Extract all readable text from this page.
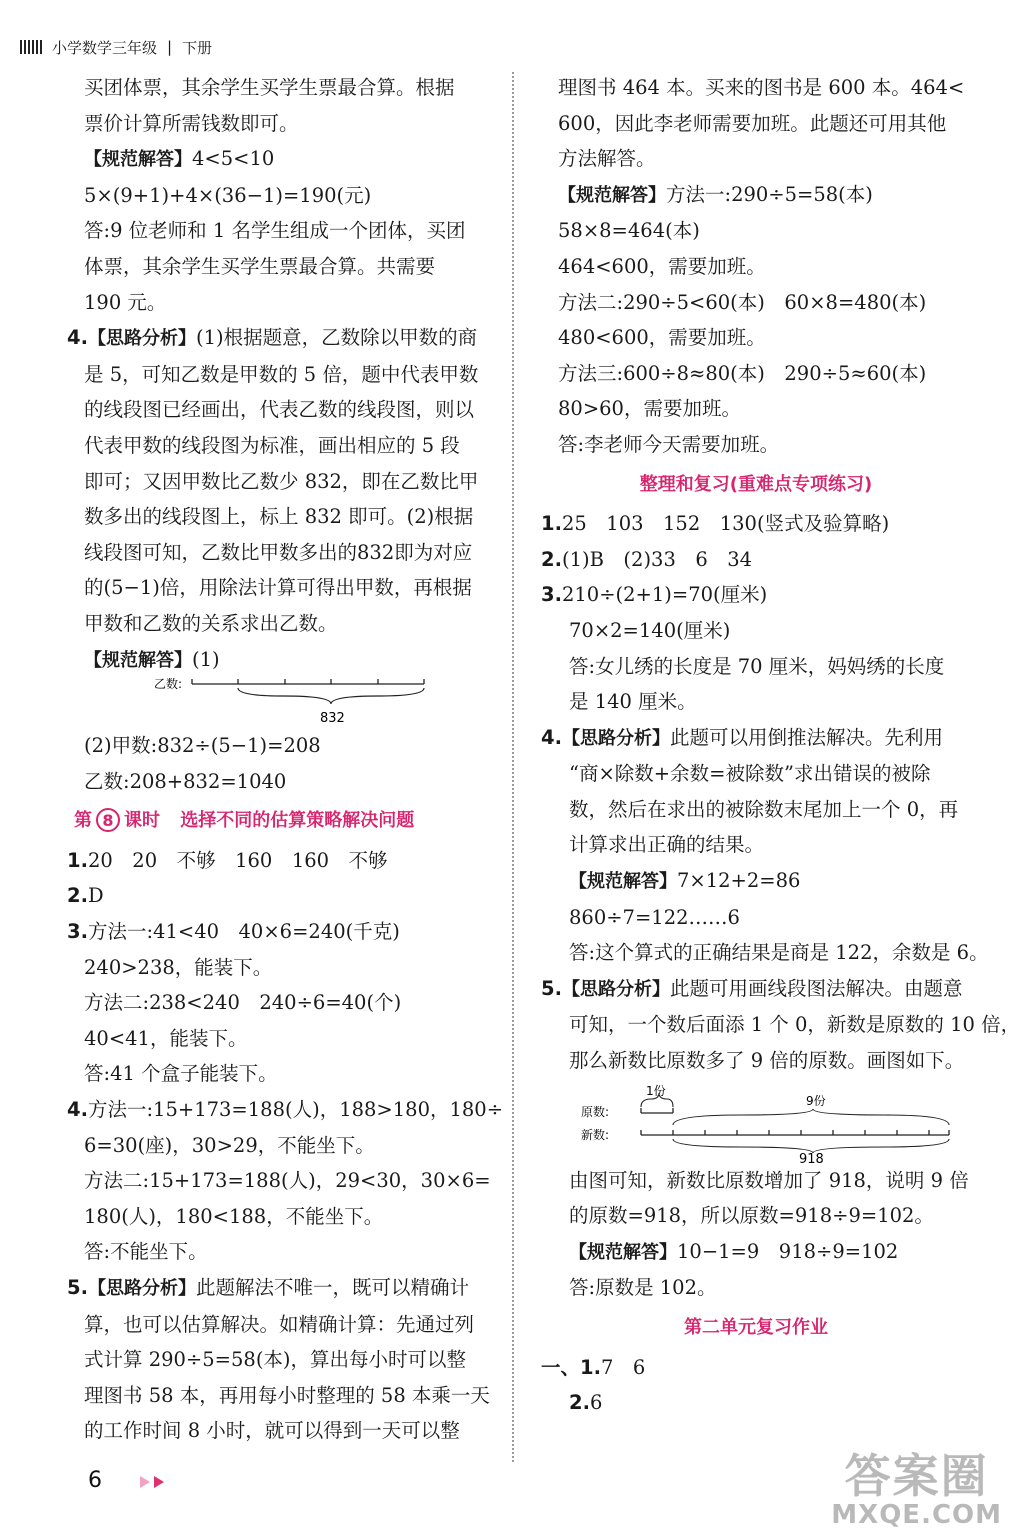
小学数学三年级 | 下册

买团体票，其余学生买学生票最合算。根据

票价计算所需钱数即可。

【规范解答】4<5<10

5×(9+1)+4×(36−1)=190(元)

答:9 位老师和 1 名学生组成一个团体，买团

体票，其余学生买学生票最合算。共需要

190 元。

4.【思路分析】(1)根据题意，乙数除以甲数的商

是 5，可知乙数是甲数的 5 倍，题中代表甲数

的线段图已经画出，代表乙数的线段图，则以

代表甲数的线段图为标准，画出相应的 5 段

即可；又因甲数比乙数少 832，即在乙数比甲

数多出的线段图上，标上 832 即可。(2)根据

线段图可知，乙数比甲数多出的832即为对应

的(5−1)倍，用除法计算可得出甲数，再根据

甲数和乙数的关系求出乙数。

【规范解答】(1)

乙数:
832

(2)甲数:832÷(5−1)=208

乙数:208+832=1040

第 8 课时 选择不同的估算策略解决问题

1.20　20　不够　160　160　不够

2.D

3.方法一:41<40　40×6=240(千克)

240>238，能装下。

方法二:238<240　240÷6=40(个)

40<41，能装下。

答:41 个盒子能装下。

4.方法一:15+173=188(人)，188>180，180÷

6=30(座)，30>29，不能坐下。

方法二:15+173=188(人)，29<30，30×6=

180(人)，180<188，不能坐下。

答:不能坐下。

5.【思路分析】此题解法不唯一，既可以精确计

算，也可以估算解决。如精确计算：先通过列

式计算 290÷5=58(本)，算出每小时可以整

理图书 58 本，再用每小时整理的 58 本乘一天

的工作时间 8 小时，就可以得到一天可以整

理图书 464 本。买来的图书是 600 本。464<

600，因此李老师需要加班。此题还可用其他

方法解答。

【规范解答】方法一:290÷5=58(本)

58×8=464(本)

464<600，需要加班。

方法二:290÷5<60(本)　60×8=480(本)

480<600，需要加班。

方法三:600÷8≈80(本)　290÷5≈60(本)

80>60，需要加班。

答:李老师今天需要加班。

整理和复习(重难点专项练习)

1.25　103　152　130(竖式及验算略)

2.(1)B　(2)33　6　34

3.210÷(2+1)=70(厘米)

70×2=140(厘米)

答:女儿绣的长度是 70 厘米，妈妈绣的长度

是 140 厘米。

4.【思路分析】此题可以用倒推法解决。先利用

“商×除数+余数=被除数”求出错误的被除

数，然后在求出的被除数末尾加上一个 0，再

计算求出正确的结果。

【规范解答】7×12+2=86

860÷7=122……6

答:这个算式的正确结果是商是 122，余数是 6。

5.【思路分析】此题可用画线段图法解决。由题意

可知，一个数后面添 1 个 0，新数是原数的 10 倍，

那么新数比原数多了 9 倍的原数。画图如下。

原数:
新数:
1份
9份
918

由图可知，新数比原数增加了 918，说明 9 倍

的原数=918，所以原数=918÷9=102。

【规范解答】10−1=9　918÷9=102

答:原数是 102。

第二单元复习作业

一、1.7　6

2.6

6	答案圈
MXQE.COM
